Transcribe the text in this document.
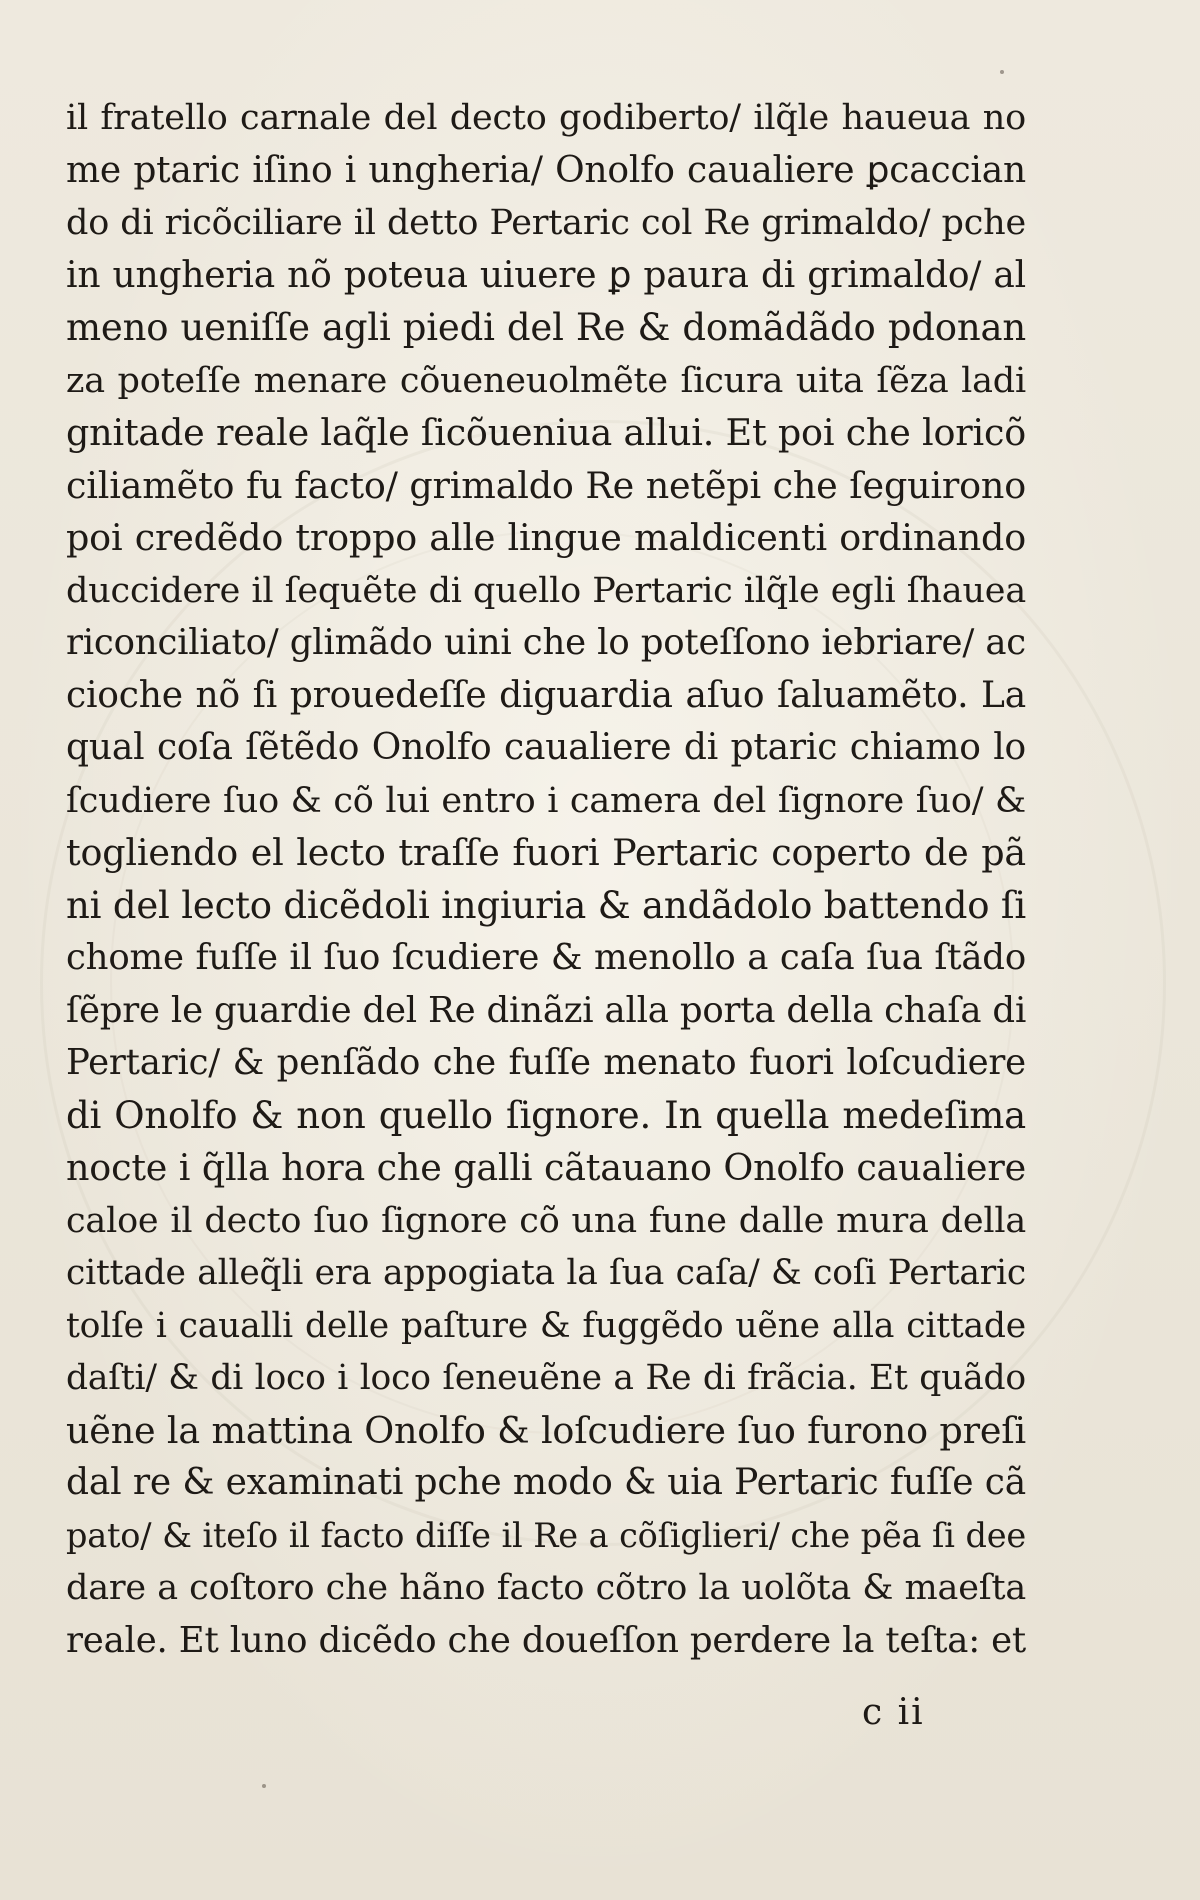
il fratello carnale del decto godiberto/ ilq̃le haueua no
me ptaric iſino i ungheria/ Onolfo caualiere ꝑcaccian
do di ricõciliare il detto Pertaric col Re grimaldo/ pche
in ungheria nõ poteua uiuere ꝑ paura di grimaldo/ al
meno ueniſſe agli piedi del Re & domãdãdo pdonan
za poteſſe menare cõueneuolmẽte ſicura uita ſẽza ladi
gnitade reale laq̃le ſicõueniua allui. Et poi che loricõ
ciliamẽto fu facto/ grimaldo Re netẽpi che ſeguirono
poi credẽdo troppo alle lingue maldicenti ordinando
duccidere il ſequẽte di quello Pertaric ilq̃le egli ſhauea
riconciliato/ glimãdo uini che lo poteſſono iebriare/ ac
cioche nõ ſi prouedeſſe diguardia aſuo ſaluamẽto. La
qual coſa ſẽtẽdo Onolfo caualiere di ptaric chiamo lo
ſcudiere ſuo & cõ lui entro i camera del ſignore ſuo/ &
togliendo el lecto traſſe fuori Pertaric coperto de pã
ni del lecto dicẽdoli ingiuria & andãdolo battendo ſi
chome fuſſe il ſuo ſcudiere & menollo a caſa ſua ſtãdo
ſẽpre le guardie del Re dinãzi alla porta della chaſa di
Pertaric/ & penſãdo che fuſſe menato fuori loſcudiere
di Onolfo & non quello ſignore. In quella medeſima
nocte i q̃lla hora che galli cãtauano Onolfo caualiere
caloe il decto ſuo ſignore cõ una fune dalle mura della
cittade alleq̃li era appogiata la ſua caſa/ & coſi Pertaric
tolſe i caualli delle paſture & fuggẽdo uẽne alla cittade
daſti/ & di loco i loco ſeneuẽne a Re di frãcia. Et quãdo
uẽne la mattina Onolfo & loſcudiere ſuo furono preſi
dal re & examinati pche modo & uia Pertaric fuſſe cã
pato/ & iteſo il facto diſſe il Re a cõſiglieri/ che pẽa ſi dee
dare a coſtoro che hãno facto cõtro la uolõta & maeſta
reale. Et luno dicẽdo che doueſſon perdere la teſta: et
c ii
